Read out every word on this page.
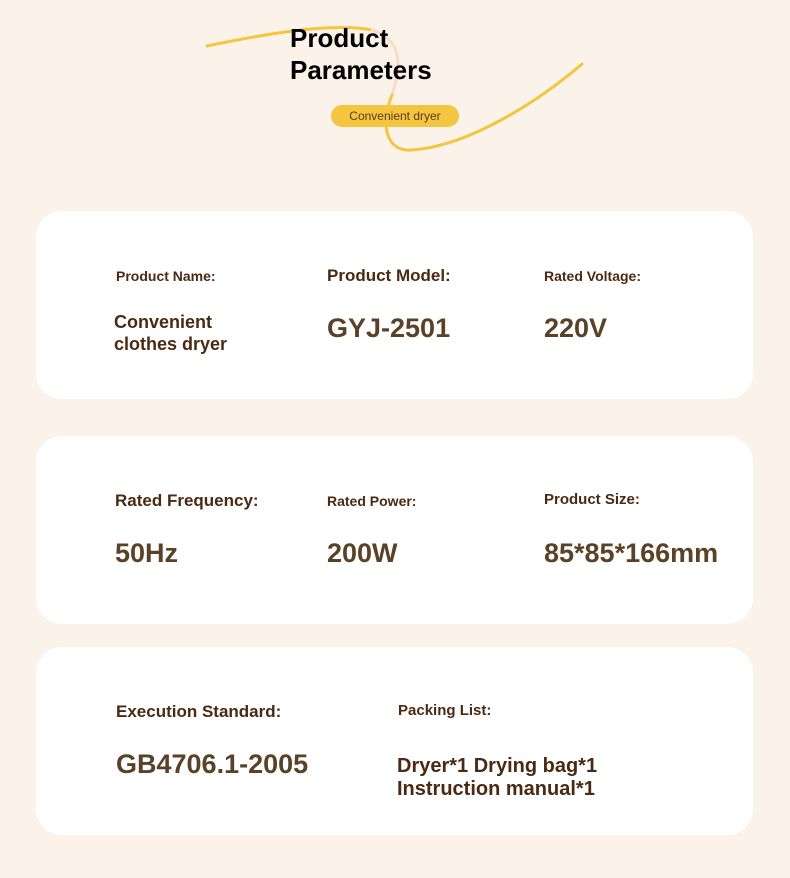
Product
Parameters
Convenient dryer
Product Name:
Convenient
clothes dryer
Product Model:
GYJ-2501
Rated Voltage:
220V
Rated Frequency:
50Hz
Rated Power:
200W
Product Size:
85*85*166mm
Execution Standard:
GB4706.1-2005
Packing List:
Dryer*1 Drying bag*1
Instruction manual*1
